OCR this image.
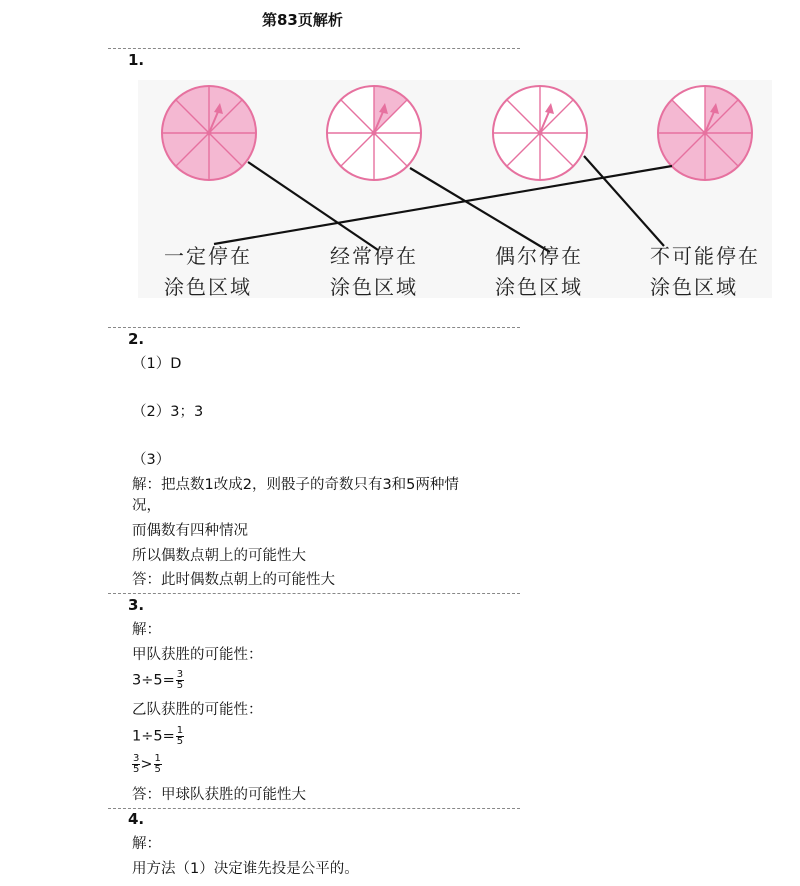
第83页解析
1.
一定停在
涂色区域
经常停在
涂色区域
偶尔停在
涂色区域
不可能停在
涂色区域
2.
（1）D
（2）3；3
（3）
解：把点数1改成2，则骰子的奇数只有3和5两种情
况，
而偶数有四种情况
所以偶数点朝上的可能性大
答：此时偶数点朝上的可能性大
3.
解：
甲队获胜的可能性：
$3\div 5= \frac{3}{5}$
乙队获胜的可能性：
$1\div 5= \frac{1}{5}$
$\frac{3}{5} > \frac{1}{5}$
答：甲球队获胜的可能性大
4.
解：
用方法（1）决定谁先投是公平的。
